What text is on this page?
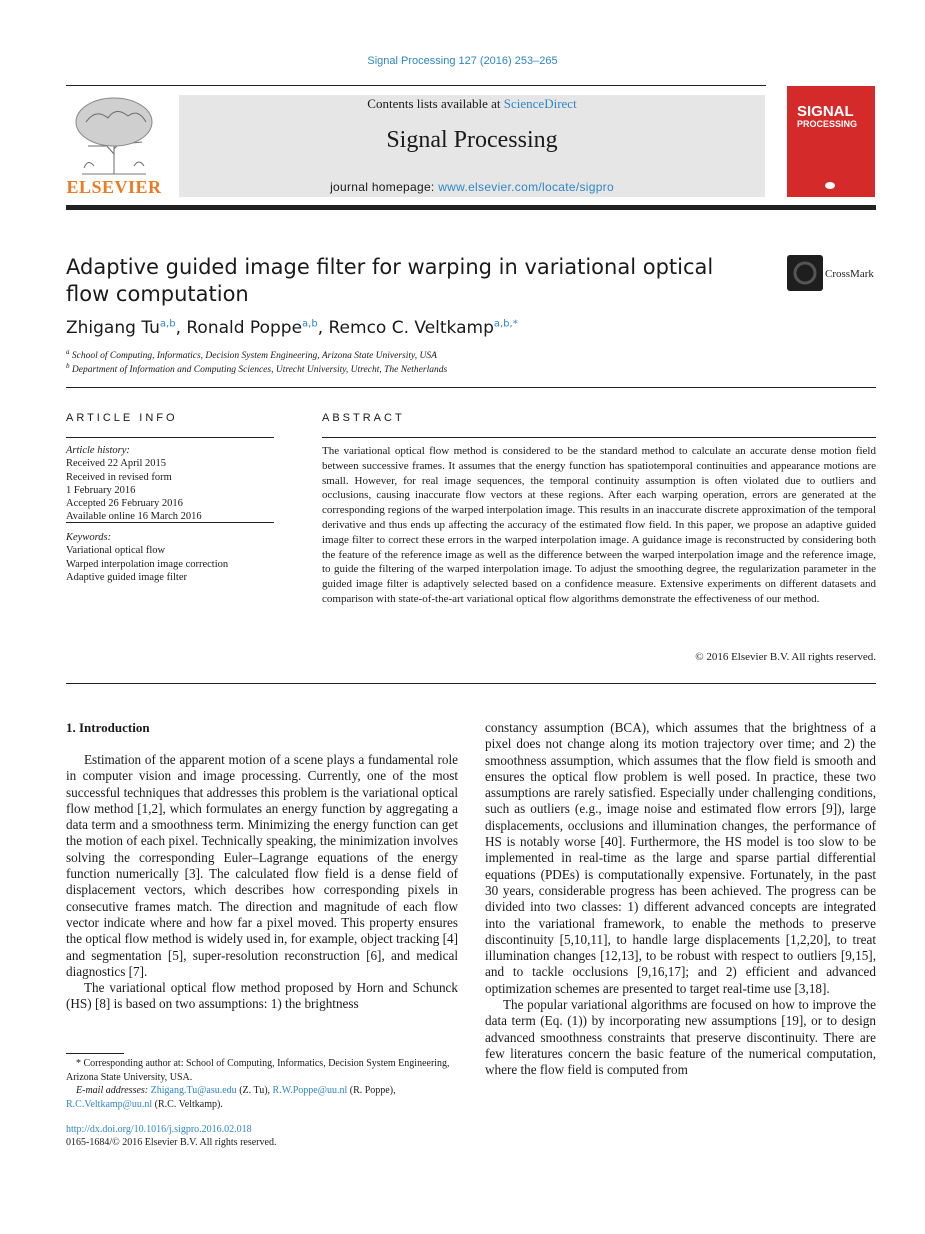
Signal Processing 127 (2016) 253–265
ELSEVIER
Contents lists available at ScienceDirect
Signal Processing
journal homepage: www.elsevier.com/locate/sigpro
SIGNAL
PROCESSING
Adaptive guided image filter for warping in variational optical flow computation
CrossMark
Zhigang Tu$^{a,b}$, Ronald Poppe$^{a,b}$, Remco C. Veltkamp$^{a,b,*}$
$^a$ School of Computing, Informatics, Decision System Engineering, Arizona State University, USA
$^b$ Department of Information and Computing Sciences, Utrecht University, Utrecht, The Netherlands
ARTICLE INFO
Article history:
Received 22 April 2015
Received in revised form
1 February 2016
Accepted 26 February 2016
Available online 16 March 2016
Keywords:
Variational optical flow
Warped interpolation image correction
Adaptive guided image filter
ABSTRACT
The variational optical flow method is considered to be the standard method to calculate an accurate dense motion field between successive frames. It assumes that the energy function has spatiotemporal continuities and appearance motions are small. However, for real image sequences, the temporal continuity assumption is often violated due to outliers and occlusions, causing inaccurate flow vectors at these regions. After each warping operation, errors are generated at the corresponding regions of the warped interpolation image. This results in an inaccurate discrete approximation of the temporal derivative and thus ends up affecting the accuracy of the estimated flow field. In this paper, we propose an adaptive guided image filter to correct these errors in the warped interpolation image. A guidance image is reconstructed by considering both the feature of the reference image as well as the difference between the warped interpolation image and the reference image, to guide the filtering of the warped interpolation image. To adjust the smoothing degree, the regularization parameter in the guided image filter is adaptively selected based on a confidence measure. Extensive experiments on different datasets and comparison with state-of-the-art variational optical flow algorithms demonstrate the effectiveness of our method.
© 2016 Elsevier B.V. All rights reserved.
1. Introduction

Estimation of the apparent motion of a scene plays a fundamental role in computer vision and image processing. Currently, one of the most successful techniques that addresses this problem is the variational optical flow method [1,2], which formulates an energy function by aggregating a data term and a smoothness term. Minimizing the energy function can get the motion of each pixel. Technically speaking, the minimization involves solving the corresponding Euler–Lagrange equations of the energy function numerically [3]. The calculated flow field is a dense field of displacement vectors, which describes how corresponding pixels in consecutive frames match. The direction and magnitude of each flow vector indicate where and how far a pixel moved. This property ensures the optical flow method is widely used in, for example, object tracking [4] and segmentation [5], super-resolution reconstruction [6], and medical diagnostics [7].

The variational optical flow method proposed by Horn and Schunck (HS) [8] is based on two assumptions: 1) the brightness

constancy assumption (BCA), which assumes that the brightness of a pixel does not change along its motion trajectory over time; and 2) the smoothness assumption, which assumes that the flow field is smooth and ensures the optical flow problem is well posed. In practice, these two assumptions are rarely satisfied. Especially under challenging conditions, such as outliers (e.g., image noise and estimated flow errors [9]), large displacements, occlusions and illumination changes, the performance of HS is notably worse [40]. Furthermore, the HS model is too slow to be implemented in real-time as the large and sparse partial differential equations (PDEs) is computationally expensive. Fortunately, in the past 30 years, considerable progress has been achieved. The progress can be divided into two classes: 1) different advanced concepts are integrated into the variational framework, to enable the methods to preserve discontinuity [5,10,11], to handle large displacements [1,2,20], to treat illumination changes [12,13], to be robust with respect to outliers [9,15], and to tackle occlusions [9,16,17]; and 2) efficient and advanced optimization schemes are presented to target real-time use [3,18].

The popular variational algorithms are focused on how to improve the data term (Eq. (1)) by incorporating new assumptions [19], or to design advanced smoothness constraints that preserve discontinuity. There are few literatures concern the basic feature of the numerical computation, where the flow field is computed from

* Corresponding author at: School of Computing, Informatics, Decision System Engineering, Arizona State University, USA.
E-mail addresses: Zhigang.Tu@asu.edu (Z. Tu), R.W.Poppe@uu.nl (R. Poppe), R.C.Veltkamp@uu.nl (R.C. Veltkamp).
http://dx.doi.org/10.1016/j.sigpro.2016.02.018
0165-1684/© 2016 Elsevier B.V. All rights reserved.
